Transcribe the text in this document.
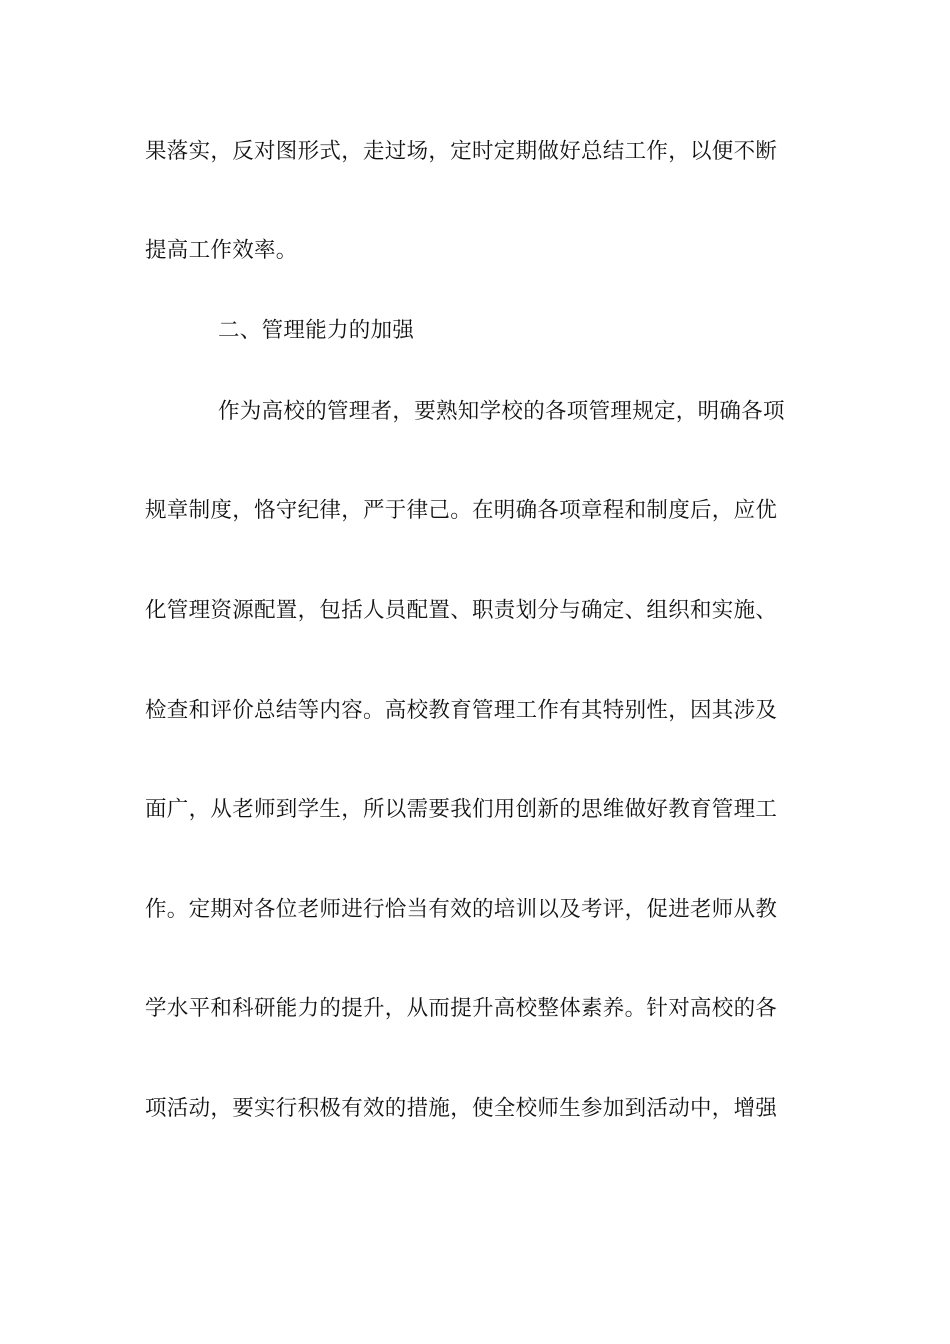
果落实，反对图形式，走过场，定时定期做好总结工作，以便不断
提高工作效率。
二、管理能力的加强
作为高校的管理者，要熟知学校的各项管理规定，明确各项
规章制度，恪守纪律，严于律己。在明确各项章程和制度后，应优
化管理资源配置，包括人员配置、职责划分与确定、组织和实施、
检查和评价总结等内容。高校教育管理工作有其特别性，因其涉及
面广，从老师到学生，所以需要我们用创新的思维做好教育管理工
作。定期对各位老师进行恰当有效的培训以及考评，促进老师从教
学水平和科研能力的提升，从而提升高校整体素养。针对高校的各
项活动，要实行积极有效的措施，使全校师生参加到活动中，增强
